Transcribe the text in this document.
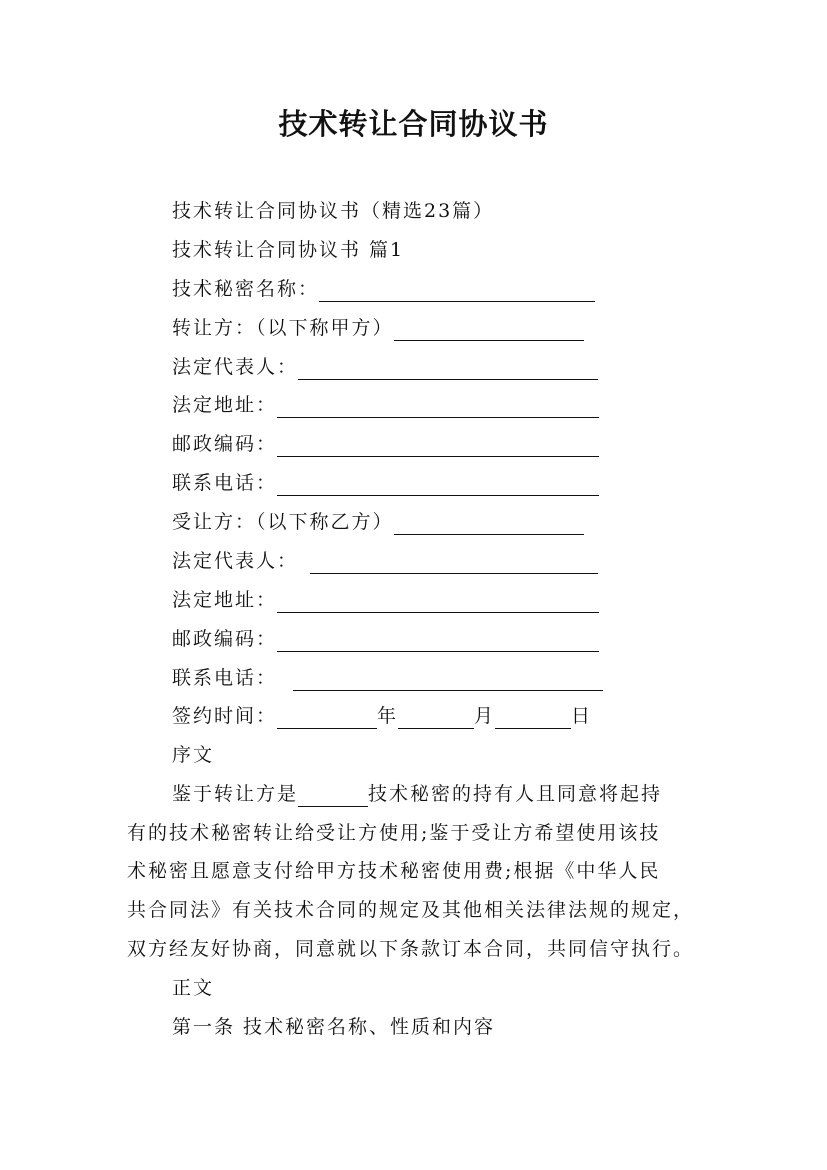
技术转让合同协议书
技术转让合同协议书（精选23篇）
技术转让合同协议书 篇1
技术秘密名称：
转让方：（以下称甲方）
法定代表人：
法定地址：
邮政编码：
联系电话：
受让方：（以下称乙方）
法定代表人：
法定地址：
邮政编码：
联系电话：
签约时间：	年	月	日
序文
鉴于转让方是	技术秘密的持有人且同意将起持
有的技术秘密转让给受让方使用;鉴于受让方希望使用该技
术秘密且愿意支付给甲方技术秘密使用费;根据《中华人民
共合同法》有关技术合同的规定及其他相关法律法规的规定，
双方经友好协商，同意就以下条款订本合同，共同信守执行。
正文
第一条 技术秘密名称、性质和内容
